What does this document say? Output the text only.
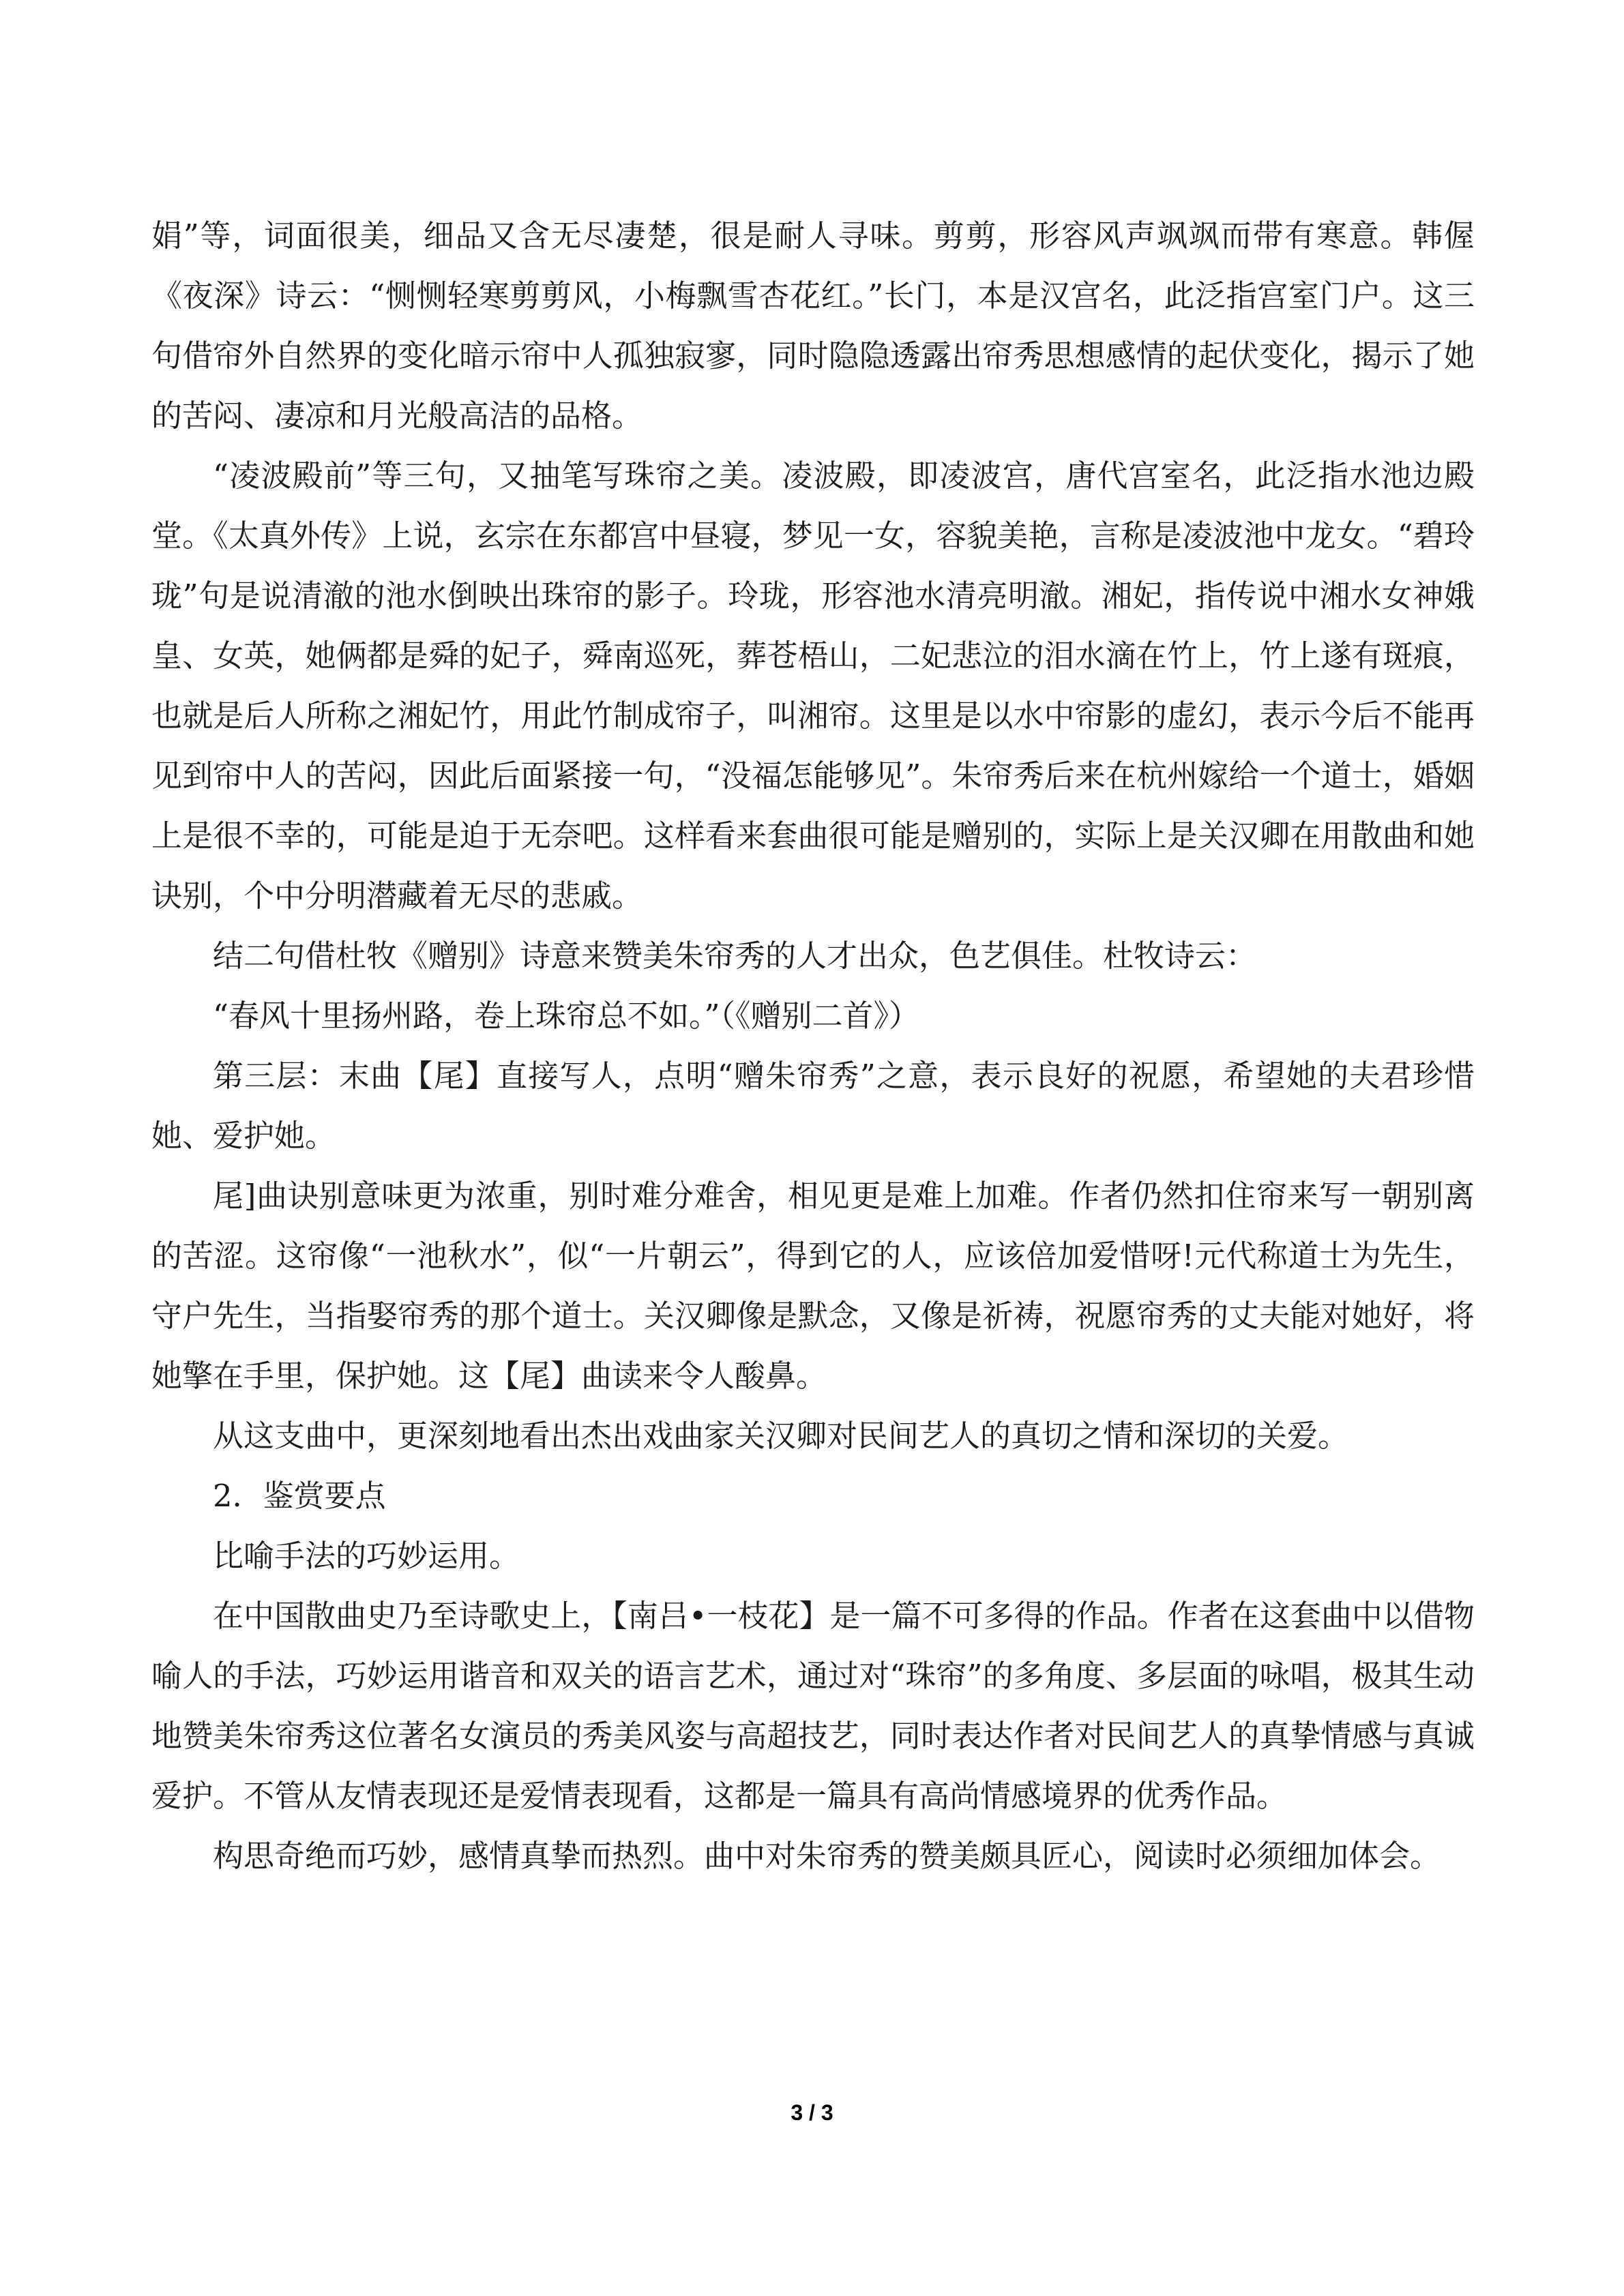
娟”等，词面很美，细品又含无尽凄楚，很是耐人寻味。剪剪，形容风声飒飒而带有寒意。韩偓《夜深》诗云：“恻恻轻寒剪剪风，小梅飘雪杏花红。”长门，本是汉宫名，此泛指宫室门户。这三句借帘外自然界的变化暗示帘中人孤独寂寥，同时隐隐透露出帘秀思想感情的起伏变化，揭示了她的苦闷、凄凉和月光般高洁的品格。

“凌波殿前”等三句，又抽笔写珠帘之美。凌波殿，即凌波宫，唐代宫室名，此泛指水池边殿堂。《太真外传》上说，玄宗在东都宫中昼寝，梦见一女，容貌美艳，言称是凌波池中龙女。“碧玲珑”句是说清澈的池水倒映出珠帘的影子。玲珑，形容池水清亮明澈。湘妃，指传说中湘水女神娥皇、女英，她俩都是舜的妃子，舜南巡死，葬苍梧山，二妃悲泣的泪水滴在竹上，竹上遂有斑痕，也就是后人所称之湘妃竹，用此竹制成帘子，叫湘帘。这里是以水中帘影的虚幻，表示今后不能再见到帘中人的苦闷，因此后面紧接一句，“没福怎能够见”。朱帘秀后来在杭州嫁给一个道士，婚姻上是很不幸的，可能是迫于无奈吧。这样看来套曲很可能是赠别的，实际上是关汉卿在用散曲和她诀别，个中分明潜藏着无尽的悲戚。

结二句借杜牧《赠别》诗意来赞美朱帘秀的人才出众，色艺俱佳。杜牧诗云：

“春风十里扬州路，卷上珠帘总不如。”（《赠别二首》）

第三层：末曲【尾】直接写人，点明“赠朱帘秀”之意，表示良好的祝愿，希望她的夫君珍惜她、爱护她。

尾]曲诀别意味更为浓重，别时难分难舍，相见更是难上加难。作者仍然扣住帘来写一朝别离的苦涩。这帘像“一池秋水”，似“一片朝云”，得到它的人，应该倍加爱惜呀!元代称道士为先生，守户先生，当指娶帘秀的那个道士。关汉卿像是默念，又像是祈祷，祝愿帘秀的丈夫能对她好，将她擎在手里，保护她。这【尾】曲读来令人酸鼻。

从这支曲中，更深刻地看出杰出戏曲家关汉卿对民间艺人的真切之情和深切的关爱。

2．鉴赏要点

比喻手法的巧妙运用。

在中国散曲史乃至诗歌史上，【南吕•一枝花】是一篇不可多得的作品。作者在这套曲中以借物喻人的手法，巧妙运用谐音和双关的语言艺术，通过对“珠帘”的多角度、多层面的咏唱，极其生动地赞美朱帘秀这位著名女演员的秀美风姿与高超技艺，同时表达作者对民间艺人的真挚情感与真诚爱护。不管从友情表现还是爱情表现看，这都是一篇具有高尚情感境界的优秀作品。

构思奇绝而巧妙，感情真挚而热烈。曲中对朱帘秀的赞美颇具匠心，阅读时必须细加体会。

3 / 3
